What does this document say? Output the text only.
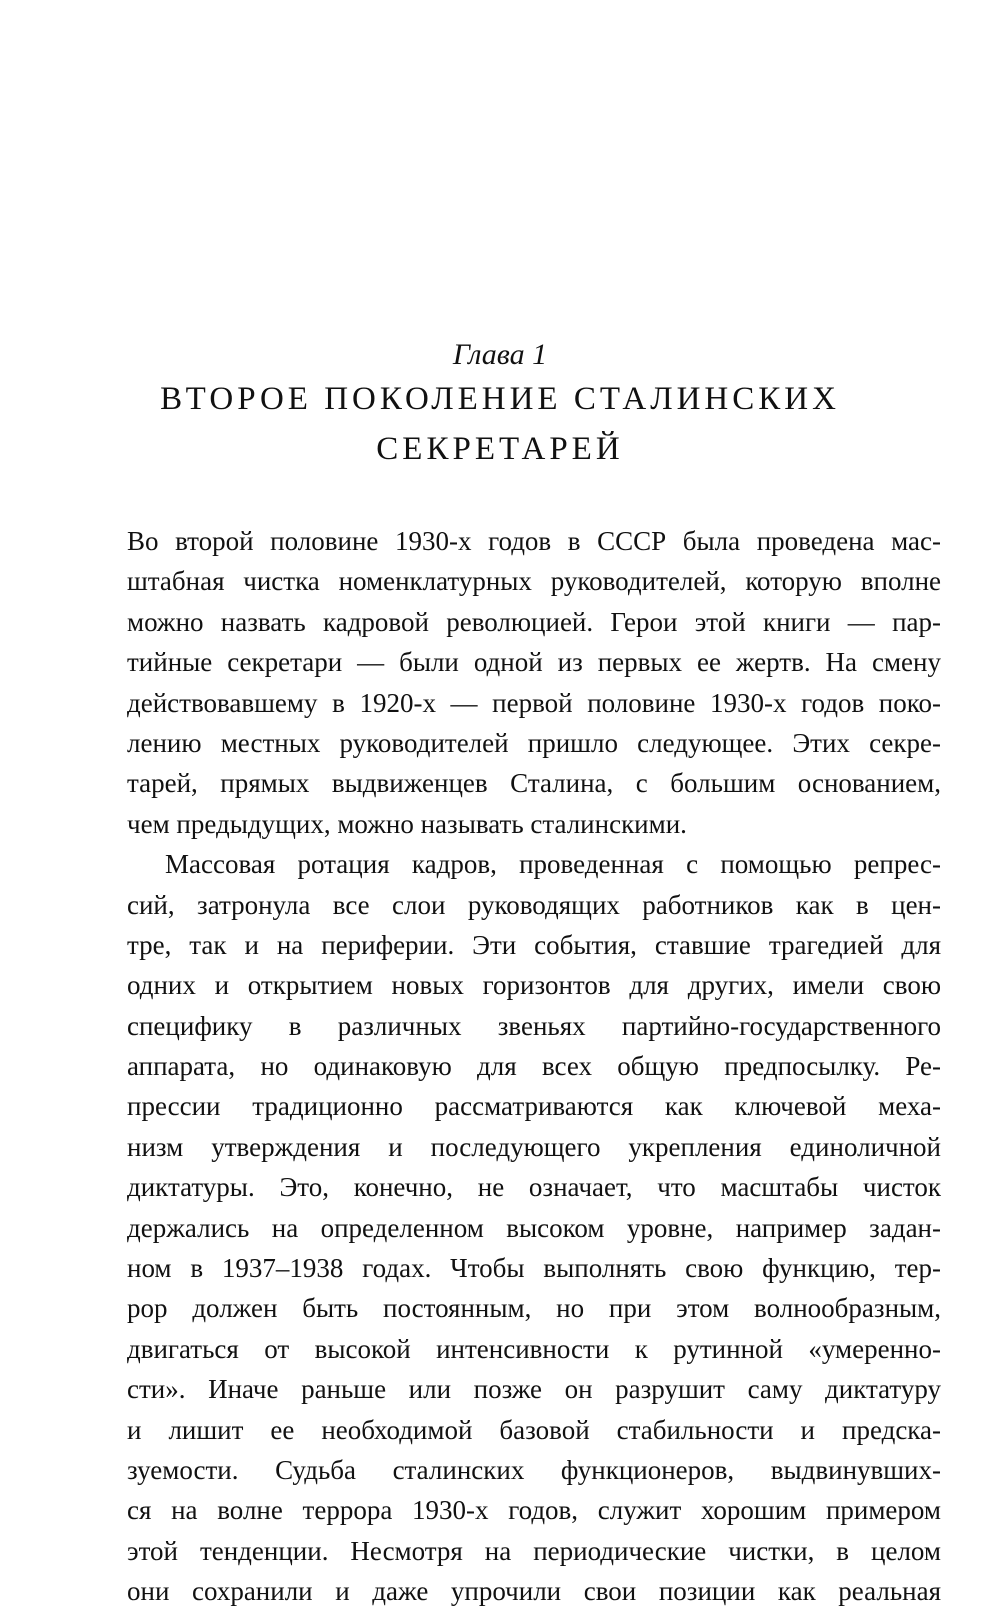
Глава 1
ВТОРОЕ ПОКОЛЕНИЕ СТАЛИНСКИХ
СЕКРЕТАРЕЙ
Во второй половине 1930-х годов в СССР была проведена мас-
штабная чистка номенклатурных руководителей, которую вполне
можно назвать кадровой революцией. Герои этой книги — пар-
тийные секретари — были одной из первых ее жертв. На смену
действовавшему в 1920-х — первой половине 1930-х годов поко-
лению местных руководителей пришло следующее. Этих секре-
тарей, прямых выдвиженцев Сталина, с большим основанием,
чем предыдущих, можно называть сталинскими.
Массовая ротация кадров, проведенная с помощью репрес-
сий, затронула все слои руководящих работников как в цен-
тре, так и на периферии. Эти события, ставшие трагедией для
одних и открытием новых горизонтов для других, имели свою
специфику в различных звеньях партийно-государственного
аппарата, но одинаковую для всех общую предпосылку. Ре-
прессии традиционно рассматриваются как ключевой меха-
низм утверждения и последующего укрепления единоличной
диктатуры. Это, конечно, не означает, что масштабы чисток
держались на определенном высоком уровне, например задан-
ном в 1937–1938 годах. Чтобы выполнять свою функцию, тер-
рор должен быть постоянным, но при этом волнообразным,
двигаться от высокой интенсивности к рутинной «умеренно-
сти». Иначе раньше или позже он разрушит саму диктатуру
и лишит ее необходимой базовой стабильности и предска-
зуемости. Судьба сталинских функционеров, выдвинувших-
ся на волне террора 1930-х годов, служит хорошим примером
этой тенденции. Несмотря на периодические чистки, в целом
они сохранили и даже упрочили свои позиции как реальная
